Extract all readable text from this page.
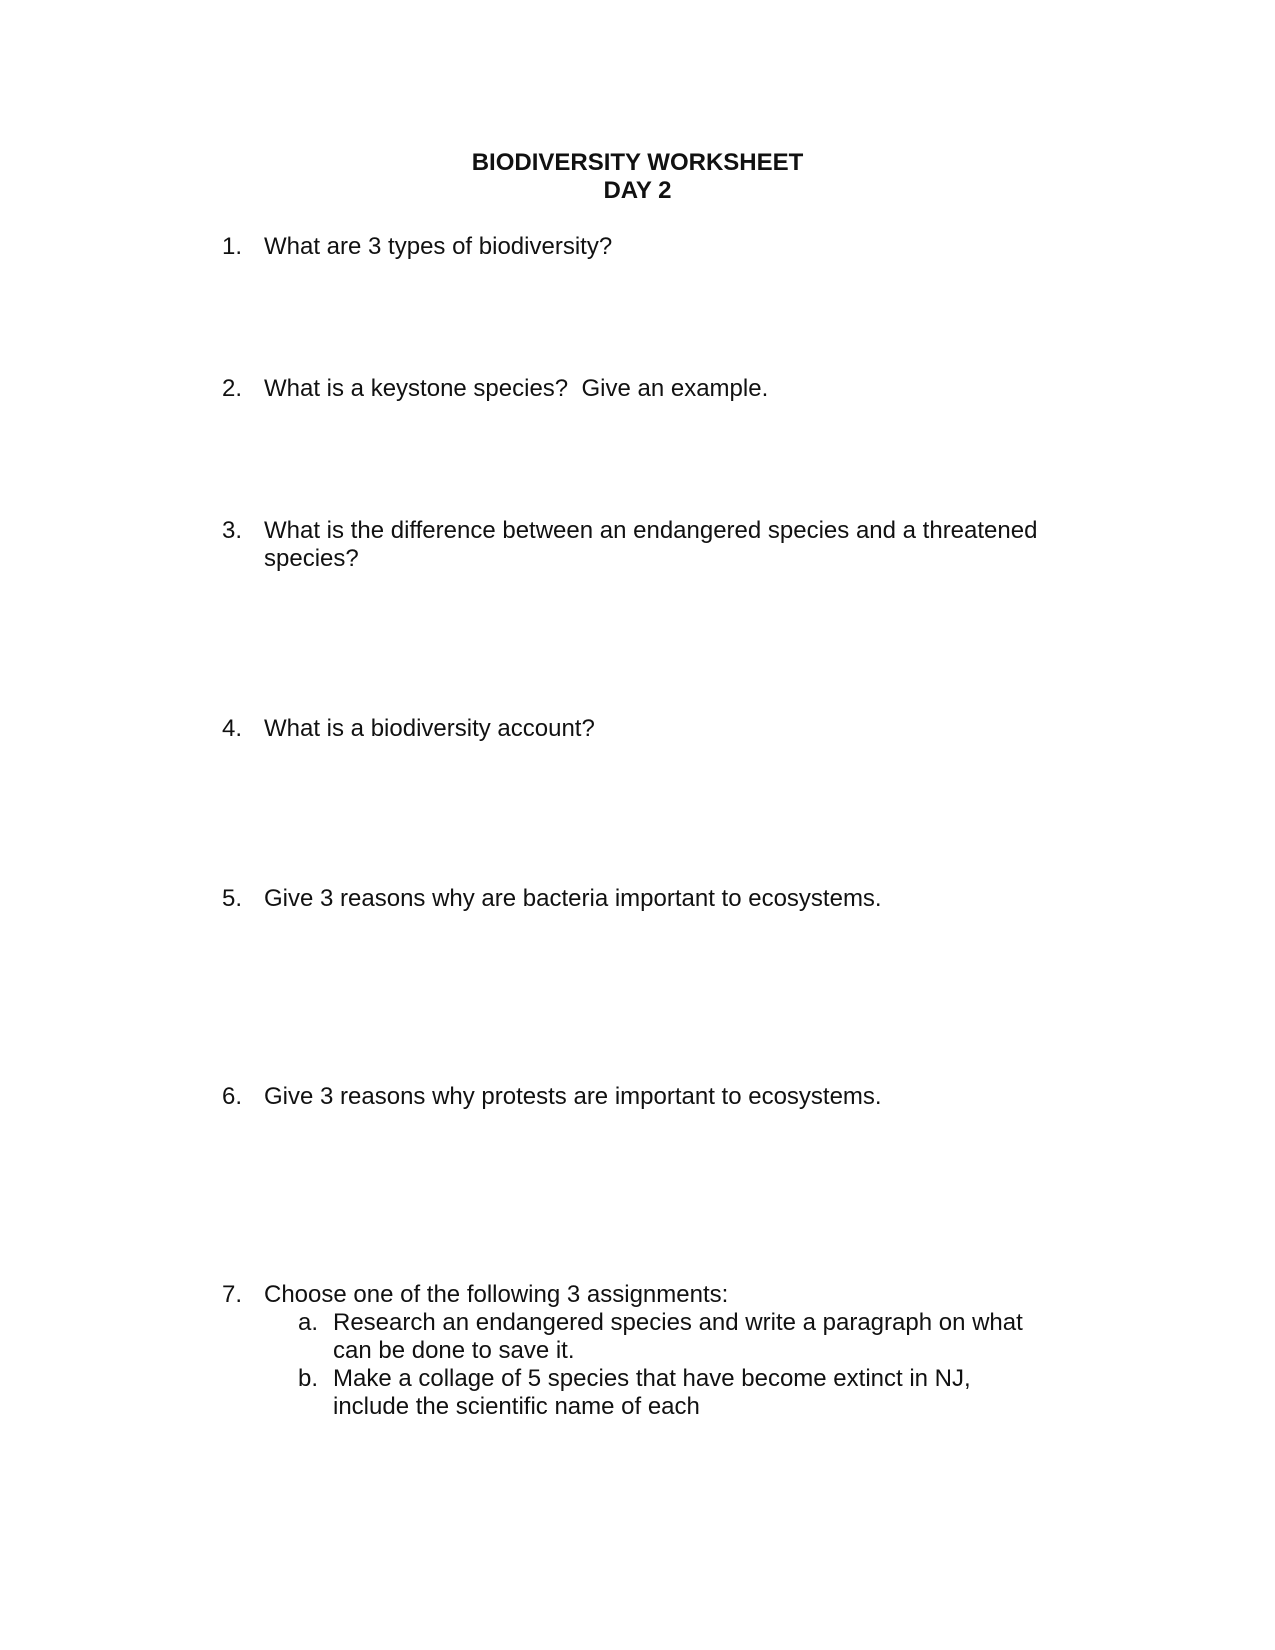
BIODIVERSITY WORKSHEET
DAY 2
1. What are 3 types of biodiversity?
2. What is a keystone species?  Give an example.
3. What is the difference between an endangered species and a threatened species?
4. What is a biodiversity account?
5. Give 3 reasons why are bacteria important to ecosystems.
6. Give 3 reasons why protests are important to ecosystems.
7. Choose one of the following 3 assignments:
a. Research an endangered species and write a paragraph on what can be done to save it.
b. Make a collage of 5 species that have become extinct in NJ, include the scientific name of each
